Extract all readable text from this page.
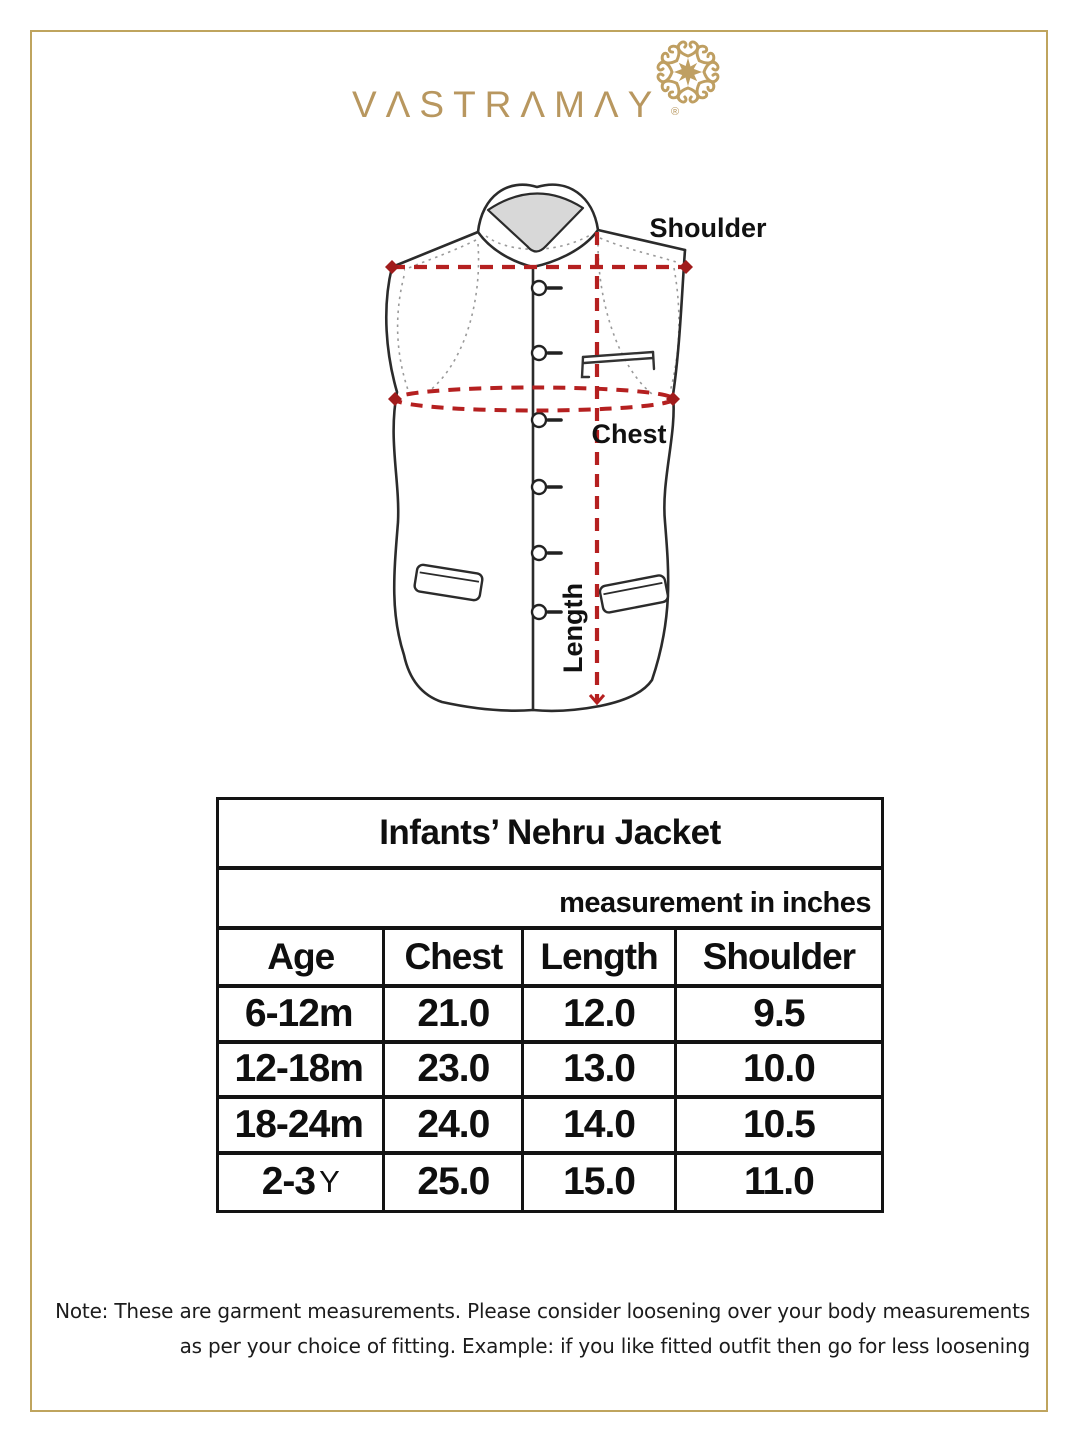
VΛSTRΛMΛY ®
Shoulder
Chest
Length
Infants’ Nehru Jacket
measurement in inches
Age	Chest	Length	Shoulder
6-12m	21.0	12.0	9.5
12-18m	23.0	13.0	10.0
18-24m	24.0	14.0	10.5
2-3 Y	25.0	15.0	11.0
Note: These are garment measurements. Please consider loosening over your body measurements
as per your choice of fitting. Example: if you like fitted outfit then go for less loosening
